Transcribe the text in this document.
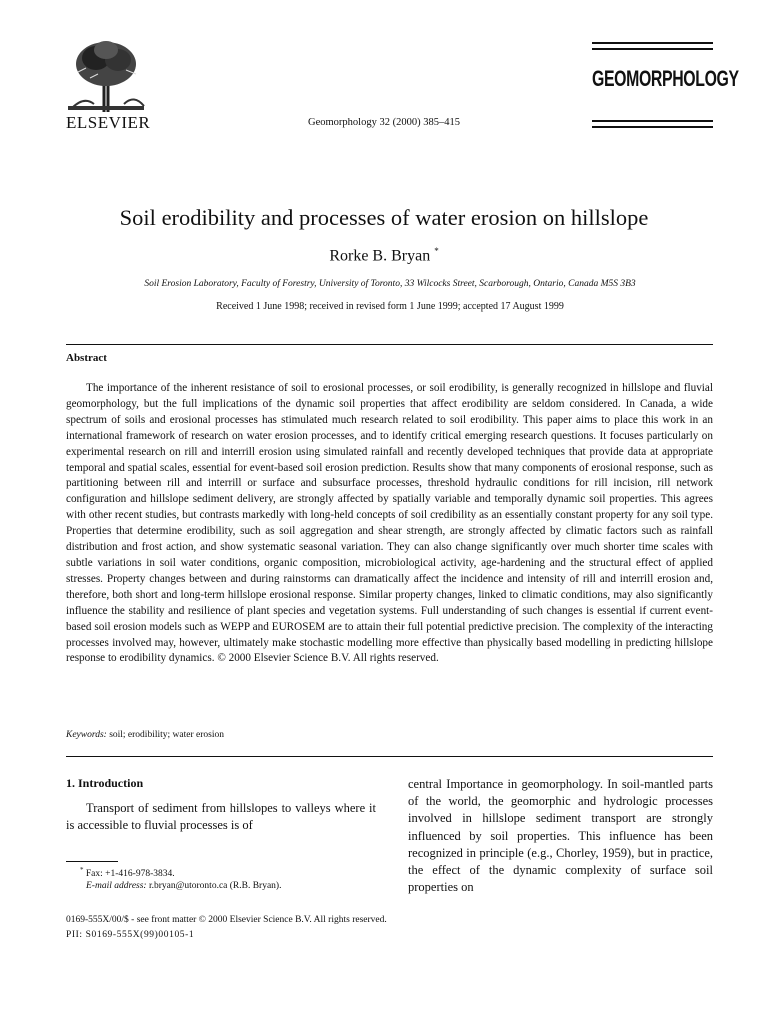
ELSEVIER	Geomorphology 32 (2000) 385–415
GEOMORPHOLOGY
Soil erodibility and processes of water erosion on hillslope
Rorke B. Bryan *
Soil Erosion Laboratory, Faculty of Forestry, University of Toronto, 33 Wilcocks Street, Scarborough, Ontario, Canada M5S 3B3
Received 1 June 1998; received in revised form 1 June 1999; accepted 17 August 1999
Abstract

The importance of the inherent resistance of soil to erosional processes, or soil erodibility, is generally recognized in hillslope and fluvial geomorphology, but the full implications of the dynamic soil properties that affect erodibility are seldom considered. In Canada, a wide spectrum of soils and erosional processes has stimulated much research related to soil erodibility. This paper aims to place this work in an international framework of research on water erosion processes, and to identify critical emerging research questions. It focuses particularly on experimental research on rill and interrill erosion using simulated rainfall and recently developed techniques that provide data at appropriate temporal and spatial scales, essential for event-based soil erosion prediction. Results show that many components of erosional response, such as partitioning between rill and interrill or surface and subsurface processes, threshold hydraulic conditions for rill incision, rill network configuration and hillslope sediment delivery, are strongly affected by spatially variable and temporally dynamic soil properties. This agrees with other recent studies, but contrasts markedly with long-held concepts of soil credibility as an essentially constant property for any soil type. Properties that determine erodibility, such as soil aggregation and shear strength, are strongly affected by climatic factors such as rainfall distribution and frost action, and show systematic seasonal variation. They can also change significantly over much shorter time scales with subtle variations in soil water conditions, organic composition, microbiological activity, age-hardening and the structural effect of applied stresses. Property changes between and during rainstorms can dramatically affect the incidence and intensity of rill and interrill erosion and, therefore, both short and long-term hillslope erosional response. Similar property changes, linked to climatic conditions, may also significantly influence the stability and resilience of plant species and vegetation systems. Full understanding of such changes is essential if current event-based soil erosion models such as WEPP and EUROSEM are to attain their full potential predictive precision. The complexity of the interacting processes involved may, however, ultimately make stochastic modelling more effective than physically based modelling in predicting hillslope response to erodibility dynamics. © 2000 Elsevier Science B.V. All rights reserved.

Keywords: soil; erodibility; water erosion
1. Introduction

Transport of sediment from hillslopes to valleys where it is accessible to fluvial processes is of

central Importance in geomorphology. In soil-mantled parts of the world, the geomorphic and hydrologic processes involved in hillslope sediment transport are strongly influenced by soil properties. This influence has been recognized in principle (e.g., Chorley, 1959), but in practice, the effect of the dynamic complexity of surface soil properties on

* Fax: +1-416-978-3834.
E-mail address: r.bryan@utoronto.ca (R.B. Bryan).
0169-555X/00/$ - see front matter © 2000 Elsevier Science B.V. All rights reserved.
PII: S0169-555X(99)00105-1
